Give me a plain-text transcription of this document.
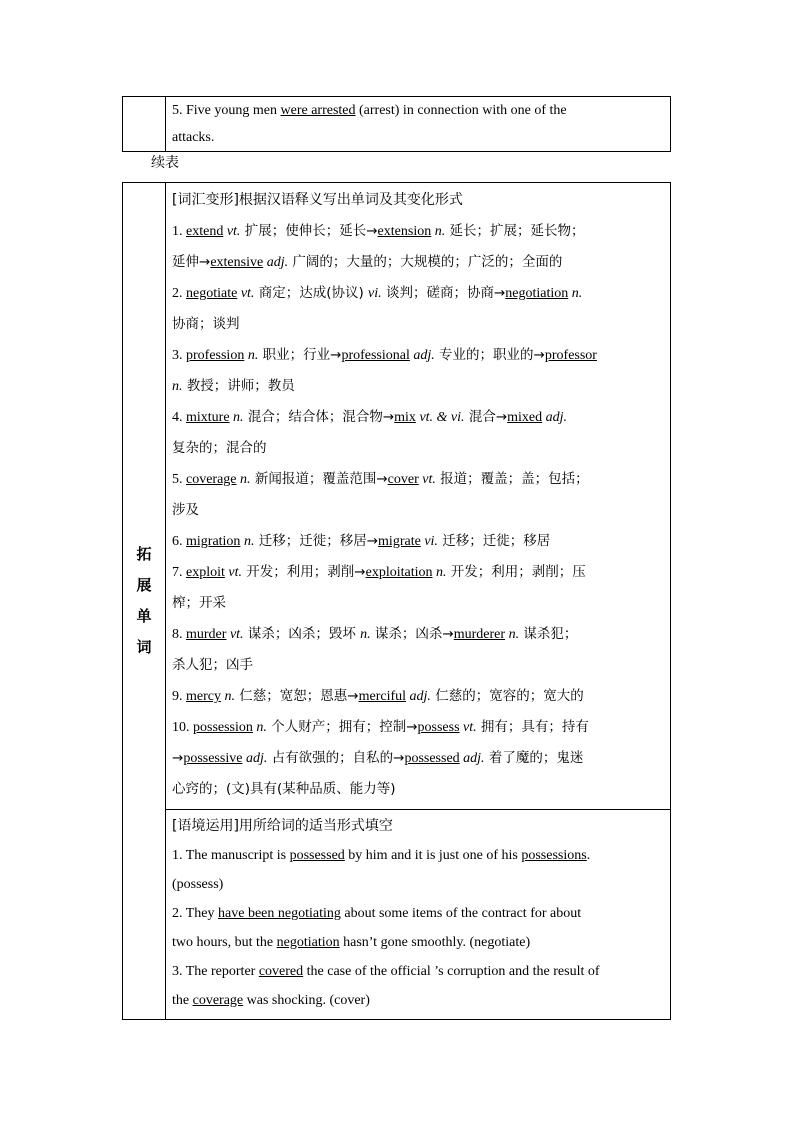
5. Five young men were arrested (arrest) in connection with one of the
attacks.
续表
拓展单词	
[词汇变形]根据汉语释义写出单词及其变化形式
1. extend vt. 扩展；使伸长；延长→extension n. 延长；扩展；延长物；
延伸→extensive adj. 广阔的；大量的；大规模的；广泛的；全面的
2. negotiate vt. 商定；达成(协议) vi. 谈判；磋商；协商→negotiation n.
协商；谈判
3. profession n. 职业；行业→professional adj. 专业的；职业的→professor
n. 教授；讲师；教员
4. mixture n. 混合；结合体；混合物→mix vt. & vi. 混合→mixed adj.
复杂的；混合的
5. coverage n. 新闻报道；覆盖范围→cover vt. 报道；覆盖；盖；包括；
涉及
6. migration n. 迁移；迁徙；移居→migrate vi. 迁移；迁徙；移居
7. exploit vt. 开发；利用；剥削→exploitation n. 开发；利用；剥削；压
榨；开采
8. murder vt. 谋杀；凶杀；毁坏 n. 谋杀；凶杀→murderer n. 谋杀犯；
杀人犯；凶手
9. mercy n. 仁慈；宽恕；恩惠→merciful adj. 仁慈的；宽容的；宽大的
10. possession n. 个人财产；拥有；控制→possess vt. 拥有；具有；持有
→possessive adj. 占有欲强的；自私的→possessed adj. 着了魔的；鬼迷
心窍的；(文)具有(某种品质、能力等)

[语境运用]用所给词的适当形式填空
1. The manuscript is possessed by him and it is just one of his possessions.
(possess)
2. They have been negotiating about some items of the contract for about
two hours, but the negotiation hasn’t gone smoothly. (negotiate)
3. The reporter covered the case of the official ’s corruption and the result of
the coverage was shocking. (cover)
